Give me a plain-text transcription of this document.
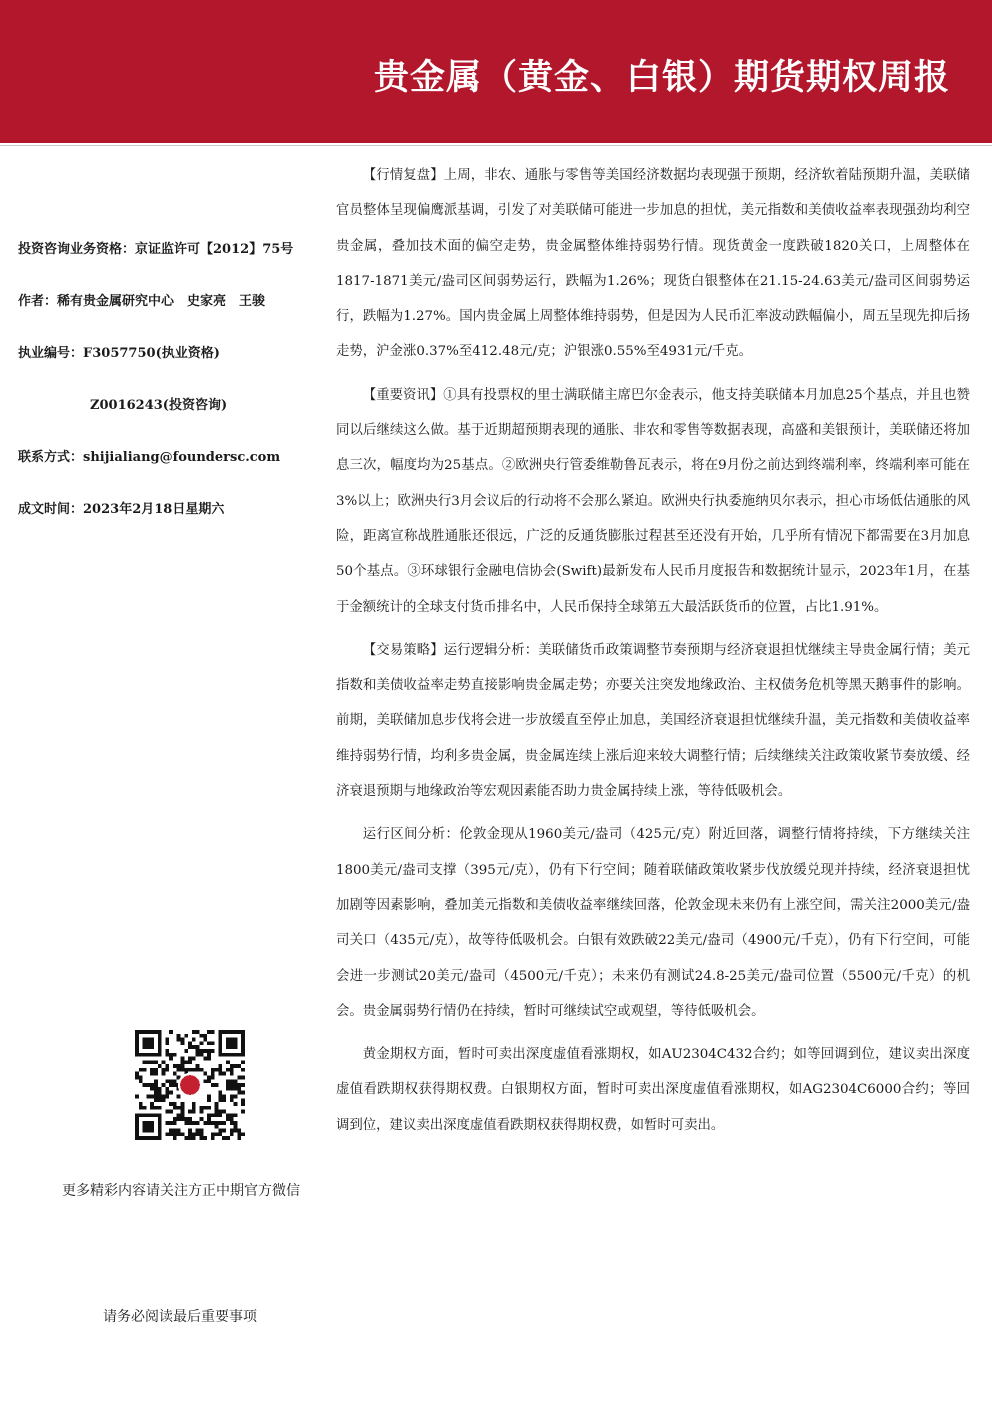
贵金属（黄金、白银）期货期权周报
投资咨询业务资格：京证监许可【2012】75号
作者：稀有贵金属研究中心　史家亮　王骏
执业编号：F3057750(执业资格)
Z0016243(投资咨询)
联系方式：shijialiang@foundersc.com
成文时间：2023年2月18日星期六
更多精彩内容请关注方正中期官方微信
请务必阅读最后重要事项

【行情复盘】上周，非农、通胀与零售等美国经济数据均表现强于预期，经济软着陆预期升温，美联储官员整体呈现偏鹰派基调，引发了对美联储可能进一步加息的担忧，美元指数和美债收益率表现强劲均利空贵金属，叠加技术面的偏空走势，贵金属整体维持弱势行情。现货黄金一度跌破1820关口，上周整体在1817-1871美元/盎司区间弱势运行，跌幅为1.26%；现货白银整体在21.15-24.63美元/盎司区间弱势运行，跌幅为1.27%。国内贵金属上周整体维持弱势，但是因为人民币汇率波动跌幅偏小，周五呈现先抑后扬走势，沪金涨0.37%至412.48元/克；沪银涨0.55%至4931元/千克。

【重要资讯】①具有投票权的里士满联储主席巴尔金表示，他支持美联储本月加息25个基点，并且也赞同以后继续这么做。基于近期超预期表现的通胀、非农和零售等数据表现，高盛和美银预计，美联储还将加息三次，幅度均为25基点。②欧洲央行管委维勒鲁瓦表示，将在9月份之前达到终端利率，终端利率可能在3%以上；欧洲央行3月会议后的行动将不会那么紧迫。欧洲央行执委施纳贝尔表示，担心市场低估通胀的风险，距离宣称战胜通胀还很远，广泛的反通货膨胀过程甚至还没有开始，几乎所有情况下都需要在3月加息50个基点。③环球银行金融电信协会(Swift)最新发布人民币月度报告和数据统计显示，2023年1月，在基于金额统计的全球支付货币排名中，人民币保持全球第五大最活跃货币的位置，占比1.91%。

【交易策略】运行逻辑分析：美联储货币政策调整节奏预期与经济衰退担忧继续主导贵金属行情；美元指数和美债收益率走势直接影响贵金属走势；亦要关注突发地缘政治、主权债务危机等黑天鹅事件的影响。前期，美联储加息步伐将会进一步放缓直至停止加息，美国经济衰退担忧继续升温，美元指数和美债收益率维持弱势行情，均利多贵金属，贵金属连续上涨后迎来较大调整行情；后续继续关注政策收紧节奏放缓、经济衰退预期与地缘政治等宏观因素能否助力贵金属持续上涨，等待低吸机会。

运行区间分析：伦敦金现从1960美元/盎司（425元/克）附近回落，调整行情将持续，下方继续关注1800美元/盎司支撑（395元/克），仍有下行空间；随着联储政策收紧步伐放缓兑现并持续，经济衰退担忧加剧等因素影响，叠加美元指数和美债收益率继续回落，伦敦金现未来仍有上涨空间，需关注2000美元/盎司关口（435元/克），故等待低吸机会。白银有效跌破22美元/盎司（4900元/千克），仍有下行空间，可能会进一步测试20美元/盎司（4500元/千克）；未来仍有测试24.8-25美元/盎司位置（5500元/千克）的机会。贵金属弱势行情仍在持续，暂时可继续试空或观望，等待低吸机会。

黄金期权方面，暂时可卖出深度虚值看涨期权，如AU2304C432合约；如等回调到位，建议卖出深度虚值看跌期权获得期权费。白银期权方面，暂时可卖出深度虚值看涨期权，如AG2304C6000合约；等回调到位，建议卖出深度虚值看跌期权获得期权费，如暂时可卖出。
